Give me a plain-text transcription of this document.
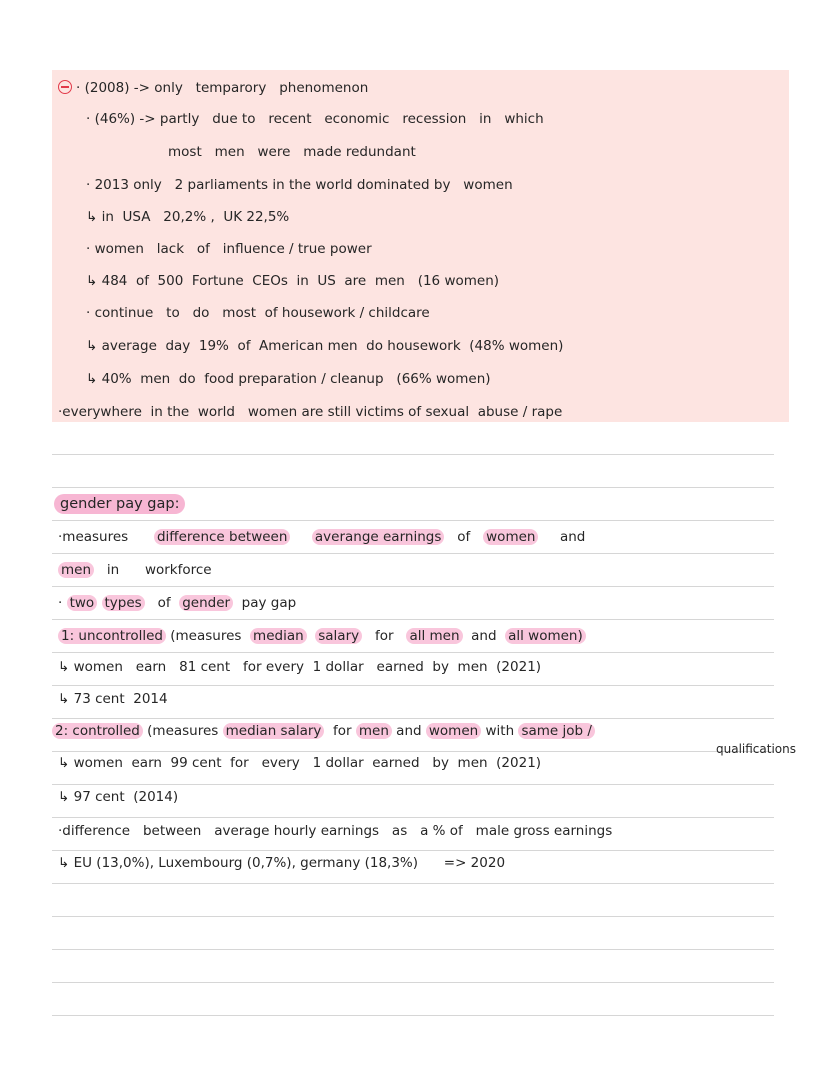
· (2008) -> only   temparory   phenomenon
· (46%) -> partly   due to   recent   economic   recession   in   which
most   men   were   made redundant
· 2013 only   2 parliaments in the world dominated by   women
↳ in  USA   20,2% ,  UK 22,5%
· women   lack   of   influence / true power
↳ 484  of  500  Fortune  CEOs  in  US  are  men   (16 women)
· continue   to   do   most  of housework / childcare
↳ average  day  19%  of  American men  do housework  (48% women)
↳ 40%  men  do  food preparation / cleanup   (66% women)
·everywhere  in the  world   women are still victims of sexual  abuse / rape
gender pay gap:
·measures difference between averange earnings of women and
men in workforce
· two types of gender pay gap
1: uncontrolled (measures median salary for all men and all women)
↳ women   earn   81 cent   for every  1 dollar   earned  by  men  (2021)
↳ 73 cent  2014
2: controlled (measures median salary for men and women with same job /
qualifications
↳ women  earn  99 cent  for   every   1 dollar  earned   by  men  (2021)
↳ 97 cent  (2014)
·difference   between   average hourly earnings   as   a % of   male gross earnings
↳ EU (13,0%), Luxembourg (0,7%), germany (18,3%)      => 2020
